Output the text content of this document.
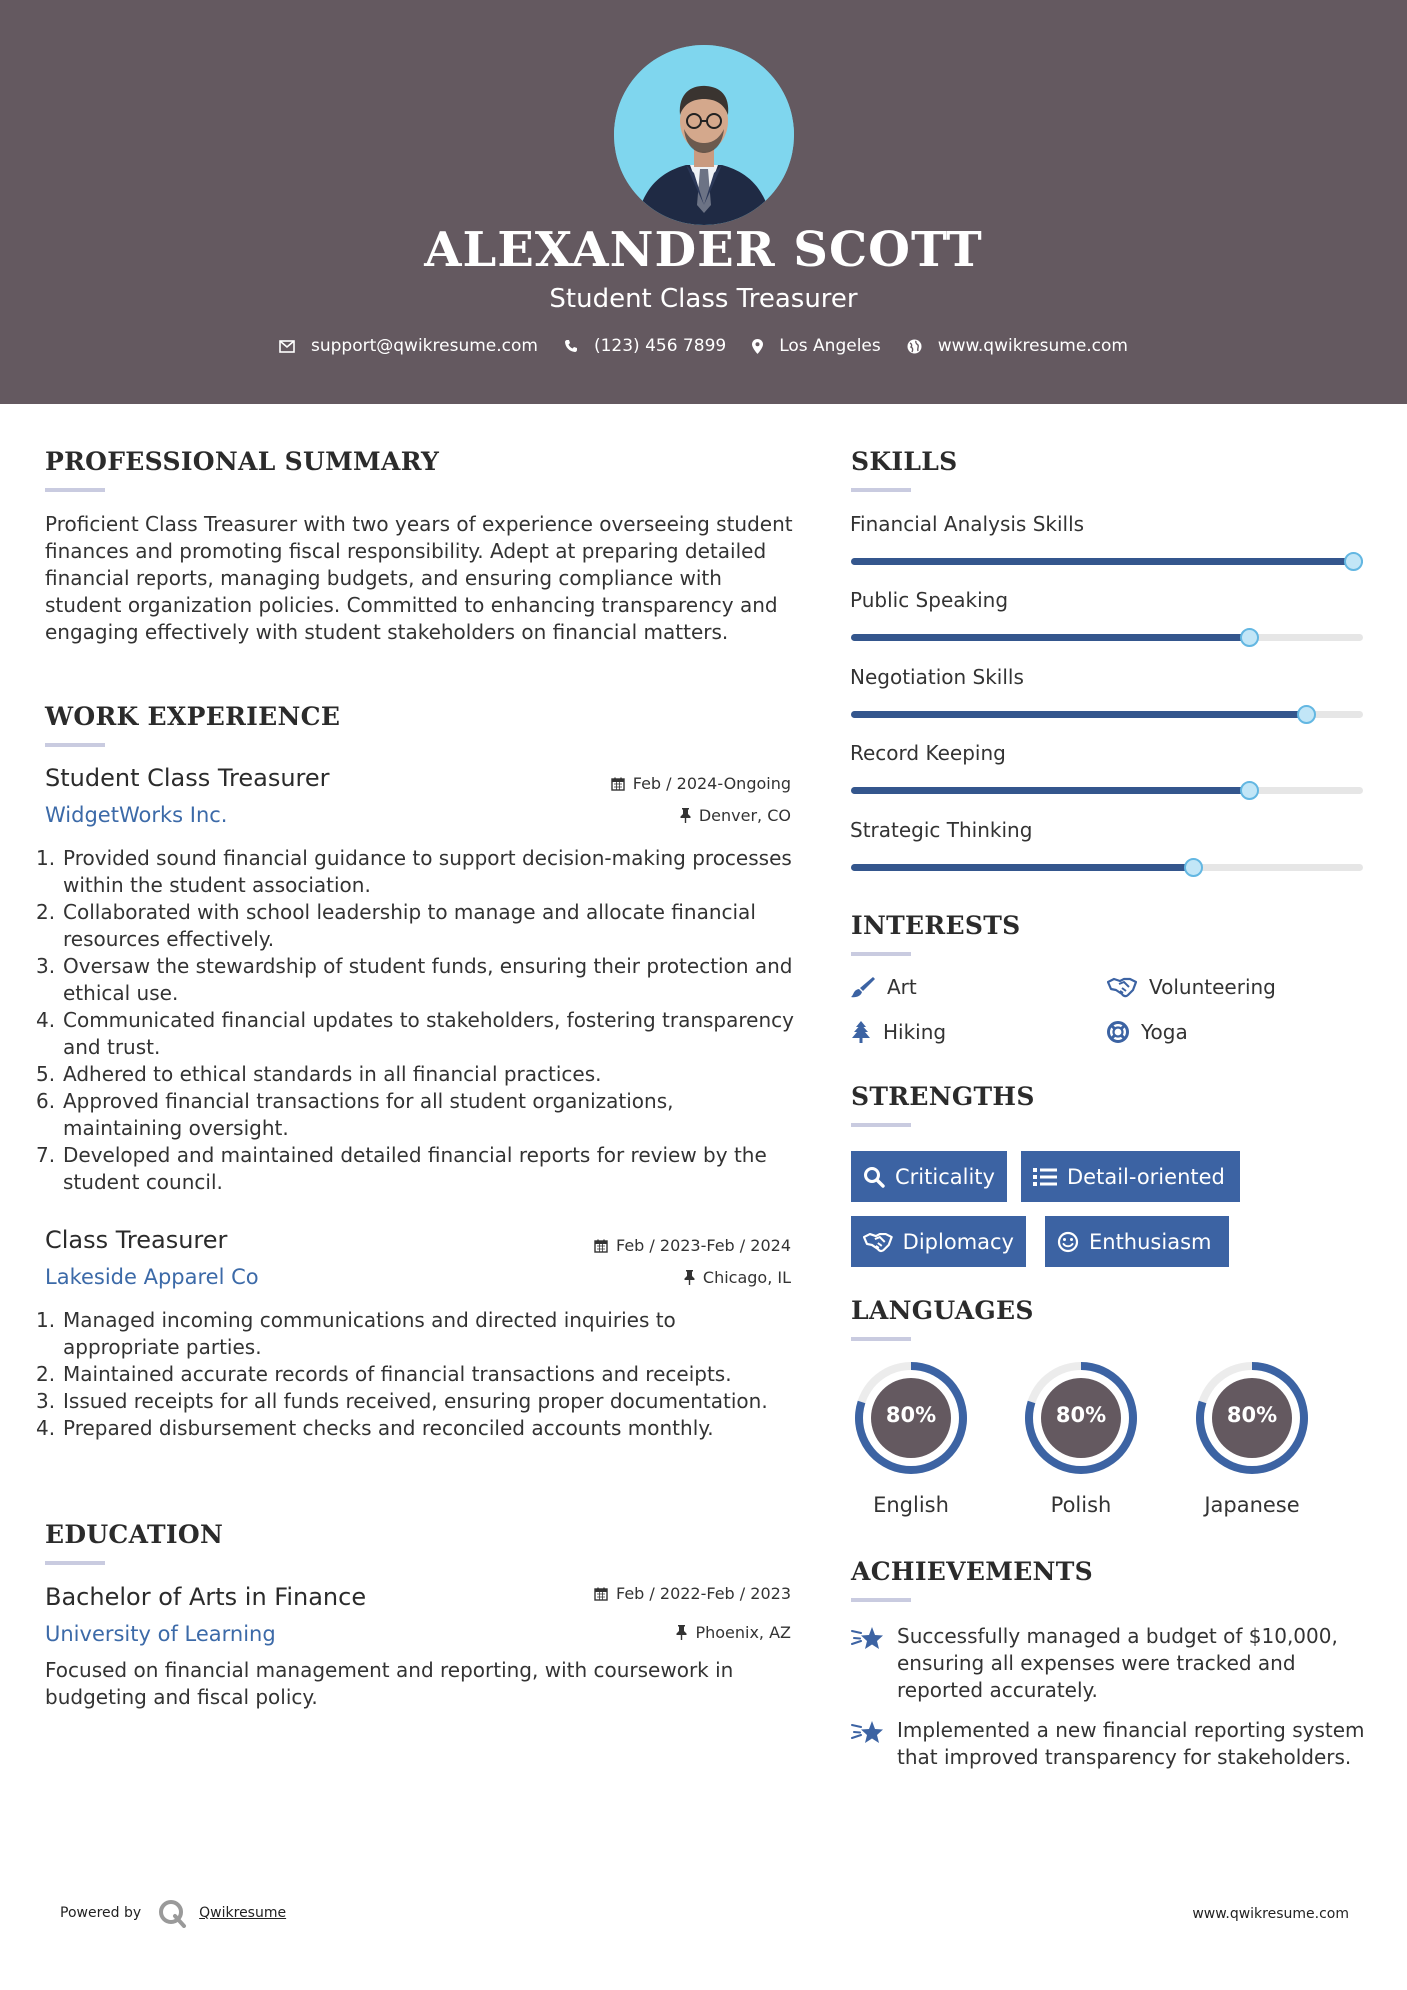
ALEXANDER SCOTT
Student Class Treasurer
support@qwikresume.com	(123) 456 7899	Los Angeles	www.qwikresume.com
PROFESSIONAL SUMMARY
Proficient Class Treasurer with two years of experience overseeing student finances and promoting fiscal responsibility. Adept at preparing detailed financial reports, managing budgets, and ensuring compliance with student organization policies. Committed to enhancing transparency and engaging effectively with student stakeholders on financial matters.
WORK EXPERIENCE
Student Class Treasurer	Feb / 2024-Ongoing
WidgetWorks Inc.	Denver, CO
Provided sound financial guidance to support decision-making processes within the student association.
Collaborated with school leadership to manage and allocate financial resources effectively.
Oversaw the stewardship of student funds, ensuring their protection and ethical use.
Communicated financial updates to stakeholders, fostering transparency and trust.
Adhered to ethical standards in all financial practices.
Approved financial transactions for all student organizations, maintaining oversight.
Developed and maintained detailed financial reports for review by the student council.
Class Treasurer	Feb / 2023-Feb / 2024
Lakeside Apparel Co	Chicago, IL
Managed incoming communications and directed inquiries to appropriate parties.
Maintained accurate records of financial transactions and receipts.
Issued receipts for all funds received, ensuring proper documentation.
Prepared disbursement checks and reconciled accounts monthly.
EDUCATION
Bachelor of Arts in Finance	Feb / 2022-Feb / 2023
University of Learning	Phoenix, AZ
Focused on financial management and reporting, with coursework in budgeting and fiscal policy.
SKILLS
Financial Analysis Skills
Public Speaking
Negotiation Skills
Record Keeping
Strategic Thinking
INTERESTS
Art	Volunteering
Hiking	Yoga
STRENGTHS
Criticality	Detail-oriented
Diplomacy	Enthusiasm
LANGUAGES
80%
English
80%
Polish
80%
Japanese
ACHIEVEMENTS
Successfully managed a budget of $10,000, ensuring all expenses were tracked and reported accurately.
Implemented a new financial reporting system that improved transparency for stakeholders.
Powered by	Qwikresume	www.qwikresume.com
